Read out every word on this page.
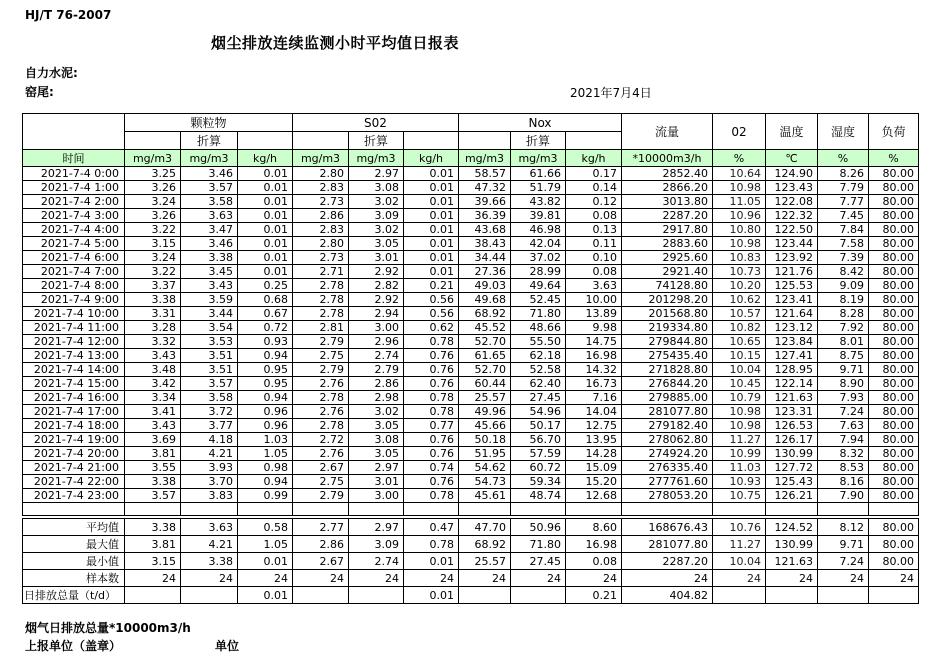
HJ/T 76-2007
烟尘排放连续监测小时平均值日报表
自力水泥:
窑尾:	2021年7月4日
	颗粒物			S02			Nox			流量	02	温度	湿度	负荷
		折算			折算			折算						
时间	mg/m3	mg/m3	kg/h	mg/m3	mg/m3	kg/h	mg/m3	mg/m3	kg/h	*10000m3/h	%	℃	%	%
2021-7-4 0:00	3.25	3.46	0.01	2.80	2.97	0.01	58.57	61.66	0.17	2852.40	10.64	124.90	8.26	80.00
2021-7-4 1:00	3.26	3.57	0.01	2.83	3.08	0.01	47.32	51.79	0.14	2866.20	10.98	123.43	7.79	80.00
2021-7-4 2:00	3.24	3.58	0.01	2.73	3.02	0.01	39.66	43.82	0.12	3013.80	11.05	122.08	7.77	80.00
2021-7-4 3:00	3.26	3.63	0.01	2.86	3.09	0.01	36.39	39.81	0.08	2287.20	10.96	122.32	7.45	80.00
2021-7-4 4:00	3.22	3.47	0.01	2.83	3.02	0.01	43.68	46.98	0.13	2917.80	10.80	122.50	7.84	80.00
2021-7-4 5:00	3.15	3.46	0.01	2.80	3.05	0.01	38.43	42.04	0.11	2883.60	10.98	123.44	7.58	80.00
2021-7-4 6:00	3.24	3.38	0.01	2.73	3.01	0.01	34.44	37.02	0.10	2925.60	10.83	123.92	7.39	80.00
2021-7-4 7:00	3.22	3.45	0.01	2.71	2.92	0.01	27.36	28.99	0.08	2921.40	10.73	121.76	8.42	80.00
2021-7-4 8:00	3.37	3.43	0.25	2.78	2.82	0.21	49.03	49.64	3.63	74128.80	10.20	125.53	9.09	80.00
2021-7-4 9:00	3.38	3.59	0.68	2.78	2.92	0.56	49.68	52.45	10.00	201298.20	10.62	123.41	8.19	80.00
2021-7-4 10:00	3.31	3.44	0.67	2.78	2.94	0.56	68.92	71.80	13.89	201568.80	10.57	121.64	8.28	80.00
2021-7-4 11:00	3.28	3.54	0.72	2.81	3.00	0.62	45.52	48.66	9.98	219334.80	10.82	123.12	7.92	80.00
2021-7-4 12:00	3.32	3.53	0.93	2.79	2.96	0.78	52.70	55.50	14.75	279844.80	10.65	123.84	8.01	80.00
2021-7-4 13:00	3.43	3.51	0.94	2.75	2.74	0.76	61.65	62.18	16.98	275435.40	10.15	127.41	8.75	80.00
2021-7-4 14:00	3.48	3.51	0.95	2.79	2.79	0.76	52.70	52.58	14.32	271828.80	10.04	128.95	9.71	80.00
2021-7-4 15:00	3.42	3.57	0.95	2.76	2.86	0.76	60.44	62.40	16.73	276844.20	10.45	122.14	8.90	80.00
2021-7-4 16:00	3.34	3.58	0.94	2.78	2.98	0.78	25.57	27.45	7.16	279885.00	10.79	121.63	7.93	80.00
2021-7-4 17:00	3.41	3.72	0.96	2.76	3.02	0.78	49.96	54.96	14.04	281077.80	10.98	123.31	7.24	80.00
2021-7-4 18:00	3.43	3.77	0.96	2.78	3.05	0.77	45.66	50.17	12.75	279182.40	10.98	126.53	7.63	80.00
2021-7-4 19:00	3.69	4.18	1.03	2.72	3.08	0.76	50.18	56.70	13.95	278062.80	11.27	126.17	7.94	80.00
2021-7-4 20:00	3.81	4.21	1.05	2.76	3.05	0.76	51.95	57.59	14.28	274924.20	10.99	130.99	8.32	80.00
2021-7-4 21:00	3.55	3.93	0.98	2.67	2.97	0.74	54.62	60.72	15.09	276335.40	11.03	127.72	8.53	80.00
2021-7-4 22:00	3.38	3.70	0.94	2.75	3.01	0.76	54.73	59.34	15.20	277761.60	10.93	125.43	8.16	80.00
2021-7-4 23:00	3.57	3.83	0.99	2.79	3.00	0.78	45.61	48.74	12.68	278053.20	10.75	126.21	7.90	80.00

平均值	3.38	3.63	0.58	2.77	2.97	0.47	47.70	50.96	8.60	168676.43	10.76	124.52	8.12	80.00
最大值	3.81	4.21	1.05	2.86	3.09	0.78	68.92	71.80	16.98	281077.80	11.27	130.99	9.71	80.00
最小值	3.15	3.38	0.01	2.67	2.74	0.01	25.57	27.45	0.08	2287.20	10.04	121.63	7.24	80.00
样本数	24	24	24	24	24	24	24	24	24	24	24	24	24	24
日排放总量（t/d）			0.01			0.01			0.21	404.82				
烟气日排放总量*10000m3/h
上报单位（盖章）	单位
